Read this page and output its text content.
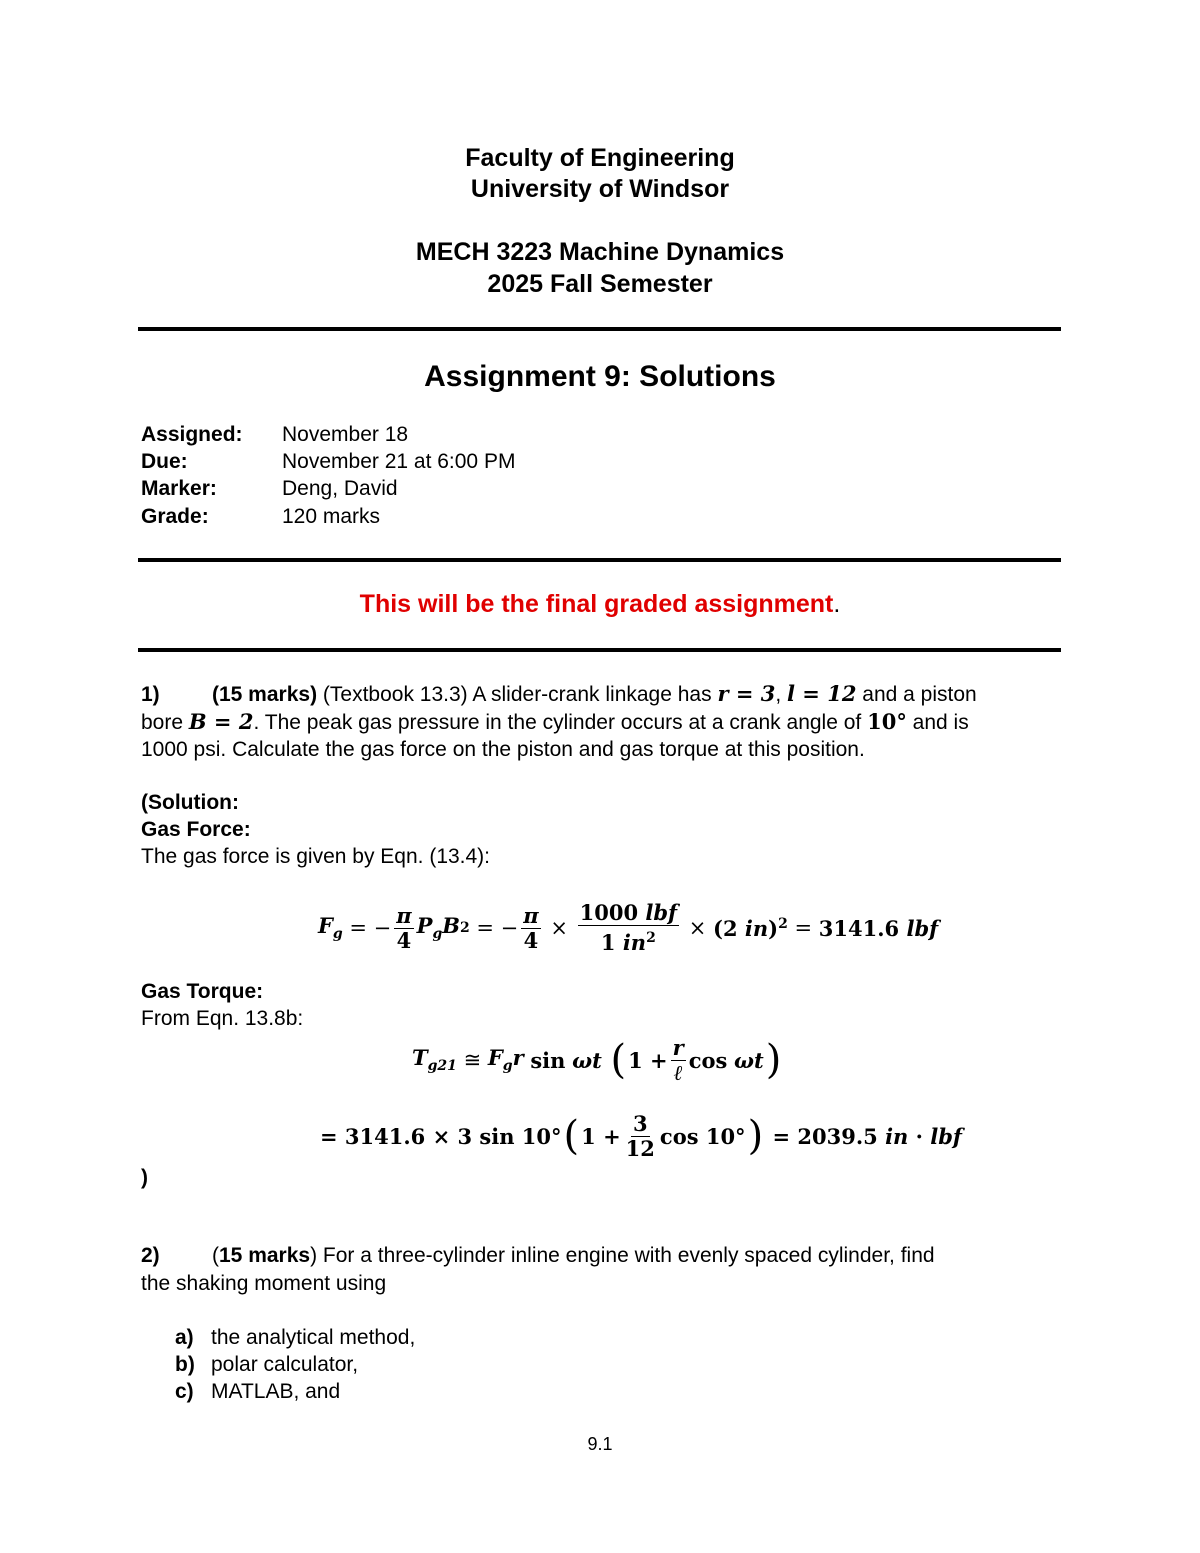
Faculty of Engineering
University of Windsor
MECH 3223 Machine Dynamics
2025 Fall Semester
Assignment 9: Solutions
Assigned: November 18
Due:	November 21 at 6:00 PM
Marker:	Deng, David
Grade:	120 marks
This will be the final graded assignment.
1) (15 marks) (Textbook 13.3) A slider-crank linkage has r = 3, l = 12 and a piston
bore B = 2. The peak gas pressure in the cylinder occurs at a crank angle of 10° and is
1000 psi. Calculate the gas force on the piston and gas torque at this position.
(Solution:
Gas Force:
The gas force is given by Eqn. (13.4):
$F_g$ = − $\frac{\pi}{4} P_gB$ 2 = − $\frac{\pi}{4} \times \frac{\text{1000 lbf}}{1 in^2} \times (2$ in)$^2$ = 3141.6 lbf
Gas Torque:
From Eqn. 13.8b:
$T_{g21}$ ≅ $F_gr$
sin
ωt
( $1 + \frac{r}{\text{ℓ}}$ cos
ωt )
= 3141.6 × 3 sin 10° ( $1 + \frac{3}{12}$ cos 10° ) = 2039.5 in · lbf
)
2) (15 marks) For a three-cylinder inline engine with evenly spaced cylinder, find
the shaking moment using
a) the analytical method,
b) polar calculator,
c) MATLAB, and
9.1
